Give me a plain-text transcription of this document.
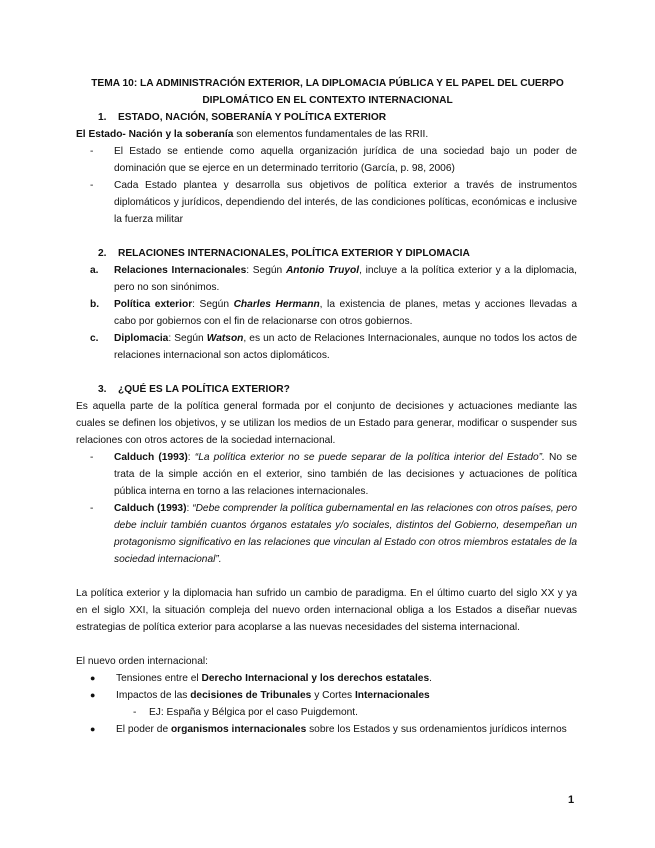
TEMA 10: LA ADMINISTRACIÓN EXTERIOR, LA DIPLOMACIA PÚBLICA Y EL PAPEL DEL CUERPO
DIPLOMÁTICO EN EL CONTEXTO INTERNACIONAL

1.	ESTADO, NACIÓN, SOBERANÍA Y POLÍTICA EXTERIOR

El Estado- Nación y la soberanía son elementos fundamentales de las RRII.

-	El Estado se entiende como aquella organización jurídica de una sociedad bajo un poder de dominación que se ejerce en un determinado territorio (García, p. 98, 2006)
-	Cada Estado plantea y desarrolla sus objetivos de política exterior a través de instrumentos diplomáticos y jurídicos, dependiendo del interés, de las condiciones políticas, económicas e inclusive la fuerza militar
2.	RELACIONES INTERNACIONALES, POLÍTICA EXTERIOR Y DIPLOMACIA
a.	Relaciones Internacionales: Según Antonio Truyol, incluye a la política exterior y a la diplomacia, pero no son sinónimos.
b.	Política exterior: Según Charles Hermann, la existencia de planes, metas y acciones llevadas a cabo por gobiernos con el fin de relacionarse con otros gobiernos.
c.	Diplomacia: Según Watson, es un acto de Relaciones Internacionales, aunque no todos los actos de relaciones internacional son actos diplomáticos.
3.	¿QUÉ ES LA POLÍTICA EXTERIOR?

Es aquella parte de la política general formada por el conjunto de decisiones y actuaciones mediante las cuales se definen los objetivos, y se utilizan los medios de un Estado para generar, modificar o suspender sus relaciones con otros actores de la sociedad internacional.

-	Calduch (1993): “La política exterior no se puede separar de la política interior del Estado”. No se trata de la simple acción en el exterior, sino también de las decisiones y actuaciones de política pública interna en torno a las relaciones internacionales.
-	Calduch (1993): “Debe comprender la política gubernamental en las relaciones con otros países, pero debe incluir también cuantos órganos estatales y/o sociales, distintos del Gobierno, desempeñan un protagonismo significativo en las relaciones que vinculan al Estado con otros miembros estatales de la sociedad internacional”.

La política exterior y la diplomacia han sufrido un cambio de paradigma. En el último cuarto del siglo XX y ya en el siglo XXI, la situación compleja del nuevo orden internacional obliga a los Estados a diseñar nuevas estrategias de política exterior para acoplarse a las nuevas necesidades del sistema internacional.

El nuevo orden internacional:

●	Tensiones entre el Derecho Internacional y los derechos estatales.
●	Impactos de las decisiones de Tribunales y Cortes Internacionales
-	EJ: España y Bélgica por el caso Puigdemont.
●	El poder de organismos internacionales sobre los Estados y sus ordenamientos jurídicos internos
1
